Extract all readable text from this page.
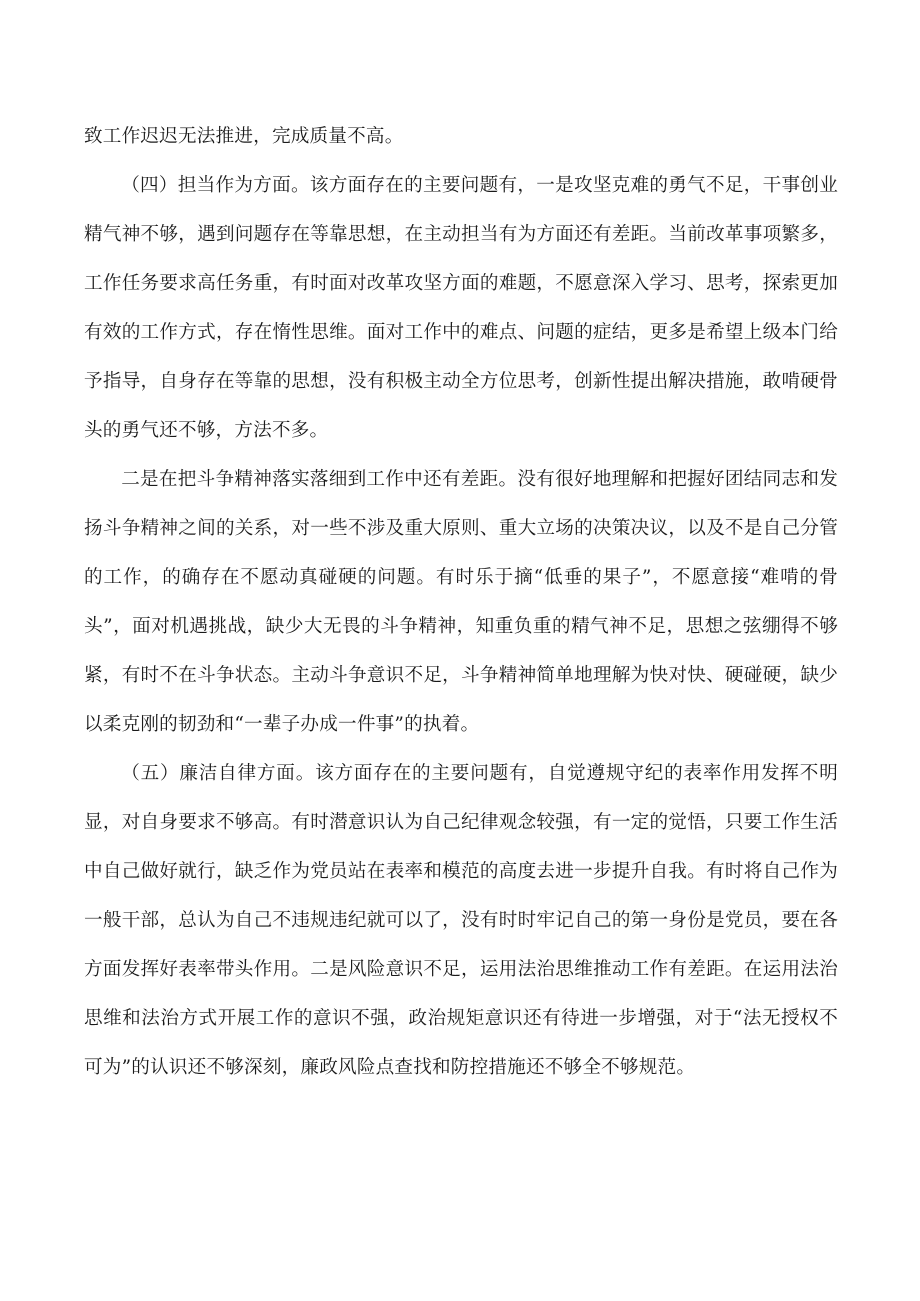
致工作迟迟无法推进，完成质量不高。

（四）担当作为方面。该方面存在的主要问题有，一是攻坚克难的勇气不足，干事创业精气神不够，遇到问题存在等靠思想，在主动担当有为方面还有差距。当前改革事项繁多，工作任务要求高任务重，有时面对改革攻坚方面的难题，不愿意深入学习、思考，探索更加有效的工作方式，存在惰性思维。面对工作中的难点、问题的症结，更多是希望上级本门给予指导，自身存在等靠的思想，没有积极主动全方位思考，创新性提出解决措施，敢啃硬骨头的勇气还不够，方法不多。

二是在把斗争精神落实落细到工作中还有差距。没有很好地理解和把握好团结同志和发扬斗争精神之间的关系，对一些不涉及重大原则、重大立场的决策决议，以及不是自己分管的工作，的确存在不愿动真碰硬的问题。有时乐于摘“低垂的果子”，不愿意接“难啃的骨头”，面对机遇挑战，缺少大无畏的斗争精神，知重负重的精气神不足，思想之弦绷得不够紧，有时不在斗争状态。主动斗争意识不足，斗争精神简单地理解为快对快、硬碰硬，缺少以柔克刚的韧劲和“一辈子办成一件事”的执着。

（五）廉洁自律方面。该方面存在的主要问题有，自觉遵规守纪的表率作用发挥不明显，对自身要求不够高。有时潜意识认为自己纪律观念较强，有一定的觉悟，只要工作生活中自己做好就行，缺乏作为党员站在表率和模范的高度去进一步提升自我。有时将自己作为一般干部，总认为自己不违规违纪就可以了，没有时时牢记自己的第一身份是党员，要在各方面发挥好表率带头作用。二是风险意识不足，运用法治思维推动工作有差距。在运用法治思维和法治方式开展工作的意识不强，政治规矩意识还有待进一步增强，对于“法无授权不可为”的认识还不够深刻，廉政风险点查找和防控措施还不够全不够规范。
